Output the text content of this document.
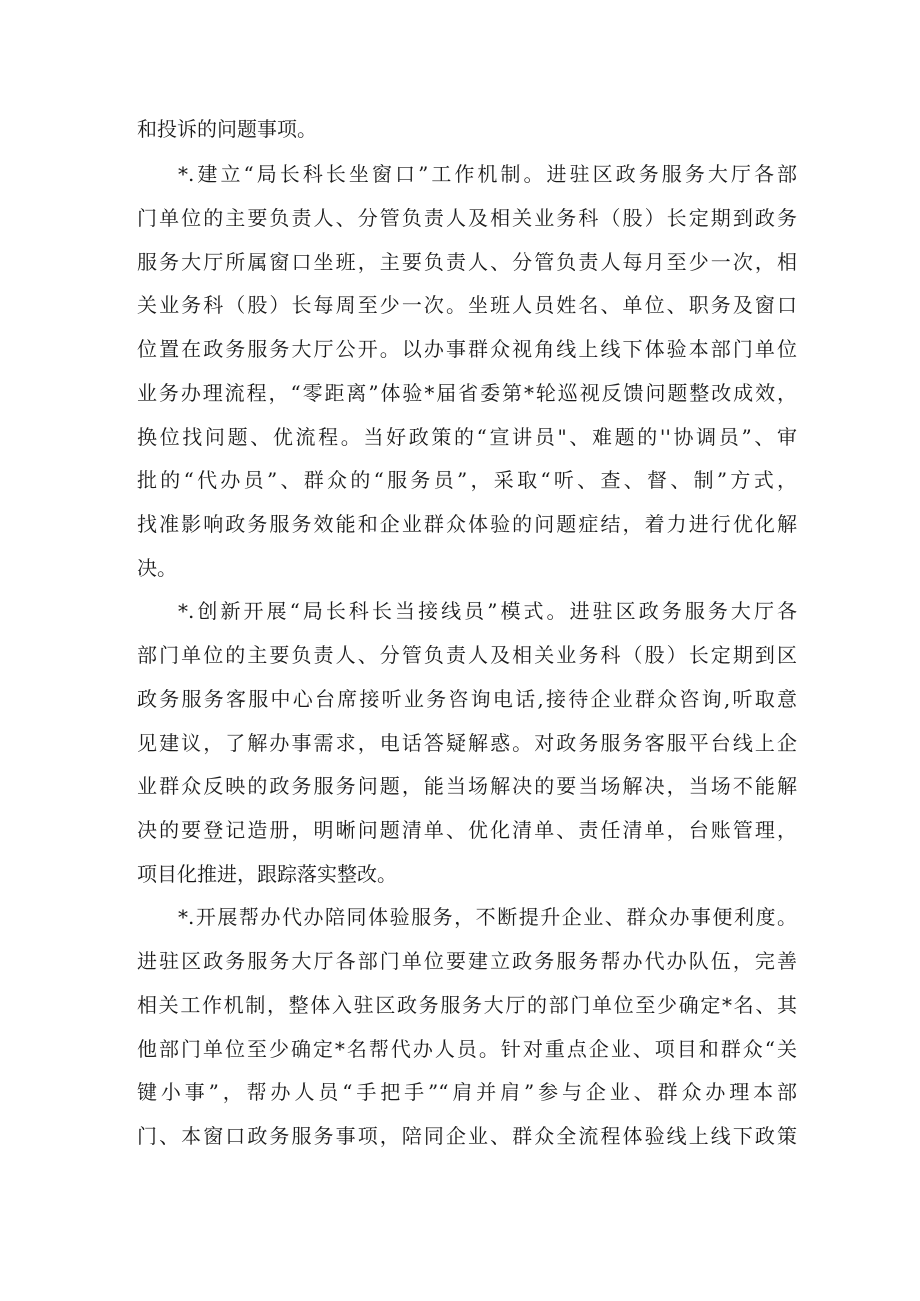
和投诉的问题事项。
*.建立“局长科长坐窗口”工作机制。进驻区政务服务大厅各部
门单位的主要负责人、分管负责人及相关业务科（股）长定期到政务
服务大厅所属窗口坐班，主要负责人、分管负责人每月至少一次，相
关业务科（股）长每周至少一次。坐班人员姓名、单位、职务及窗口
位置在政务服务大厅公开。以办事群众视角线上线下体验本部门单位
业务办理流程，“零距离”体验*届省委第*轮巡视反馈问题整改成效，
换位找问题、优流程。当好政策的“宣讲员"、难题的''协调员”、审
批的“代办员”、群众的“服务员”，采取“听、查、督、制”方式，
找准影响政务服务效能和企业群众体验的问题症结，着力进行优化解
决。
*.创新开展“局长科长当接线员”模式。进驻区政务服务大厅各
部门单位的主要负责人、分管负责人及相关业务科（股）长定期到区
政务服务客服中心台席接听业务咨询电话,接待企业群众咨询,听取意
见建议，了解办事需求，电话答疑解惑。对政务服务客服平台线上企
业群众反映的政务服务问题，能当场解决的要当场解决，当场不能解
决的要登记造册，明晰问题清单、优化清单、责任清单，台账管理，
项目化推进，跟踪落实整改。
*.开展帮办代办陪同体验服务，不断提升企业、群众办事便利度。
进驻区政务服务大厅各部门单位要建立政务服务帮办代办队伍，完善
相关工作机制，整体入驻区政务服务大厅的部门单位至少确定*名、其
他部门单位至少确定*名帮代办人员。针对重点企业、项目和群众“关
键小事”，帮办人员“手把手”“肩并肩”参与企业、群众办理本部
门、本窗口政务服务事项，陪同企业、群众全流程体验线上线下政策
